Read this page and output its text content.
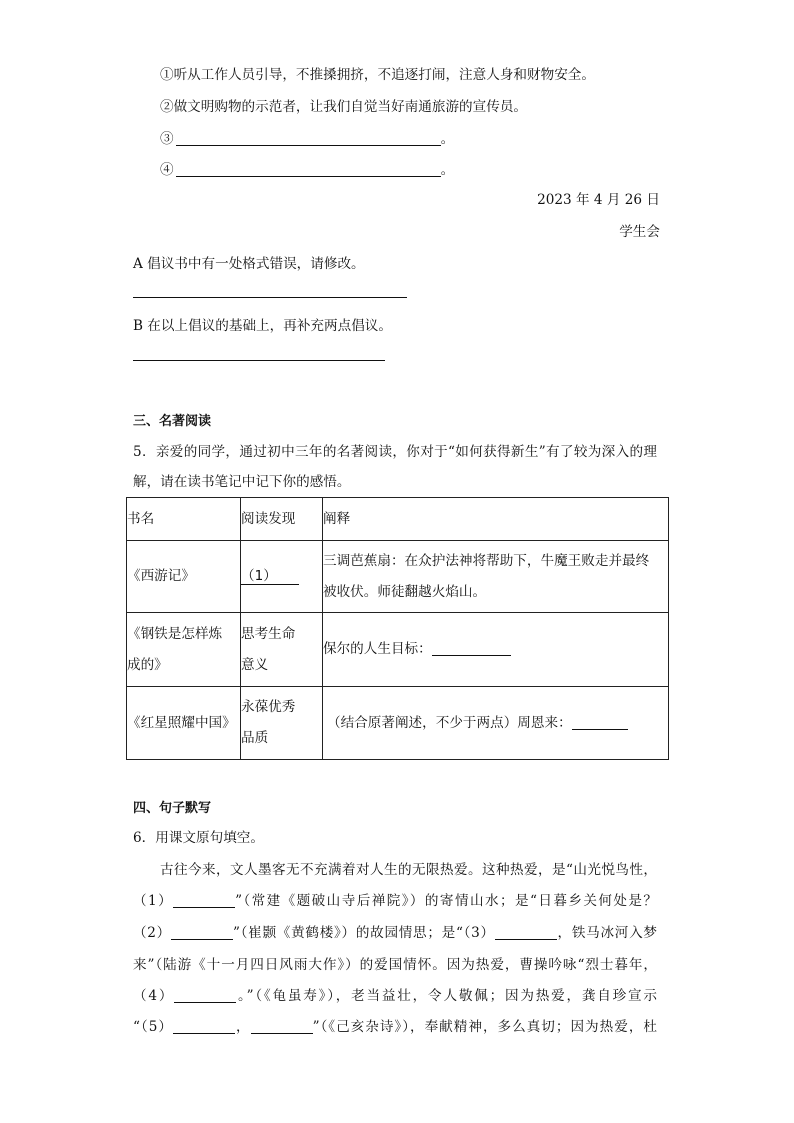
①听从工作人员引导，不推搡拥挤，不追逐打闹，注意人身和财物安全。
②做文明购物的示范者，让我们自觉当好南通旅游的宣传员。
③	。
④	。
2023 年 4 月 26 日
学生会
A 倡议书中有一处格式错误，请修改。
B 在以上倡议的基础上，再补充两点倡议。
三、名著阅读
5．亲爱的同学，通过初中三年的名著阅读，你对于“如何获得新生”有了较为深入的理
解，请在读书笔记中记下你的感悟。
书名	阅读发现	阐释

《西游记》	（1）	三调芭蕉扇：在众护法神将帮助下，牛魔王败走并最终
被收伏。师徒翻越火焰山。

《钢铁是怎样炼成的》	思考生命意义	保尔的人生目标：

《红星照耀中国》	永葆优秀品质	（结合原著阐述，不少于两点）周恩来：
四、句子默写
6．用课文原句填空。
古往今来，文人墨客无不充满着对人生的无限热爱。这种热爱，是“山光悦鸟性，
（1）	”（常建《题破山寺后禅院》）的寄情山水；是“日暮乡关何处是？
（2）	”（崔颢《黄鹤楼》）的故园情思；是“（3）	，铁马冰河入梦
来”（陆游《十一月四日风雨大作》）的爱国情怀。因为热爱，曹操吟咏“烈士暮年，
（4）	。”（《龟虽寿》），老当益壮，令人敬佩；因为热爱，龚自珍宣示
“（5）	，	”（《己亥杂诗》），奉献精神，多么真切；因为热爱，杜
